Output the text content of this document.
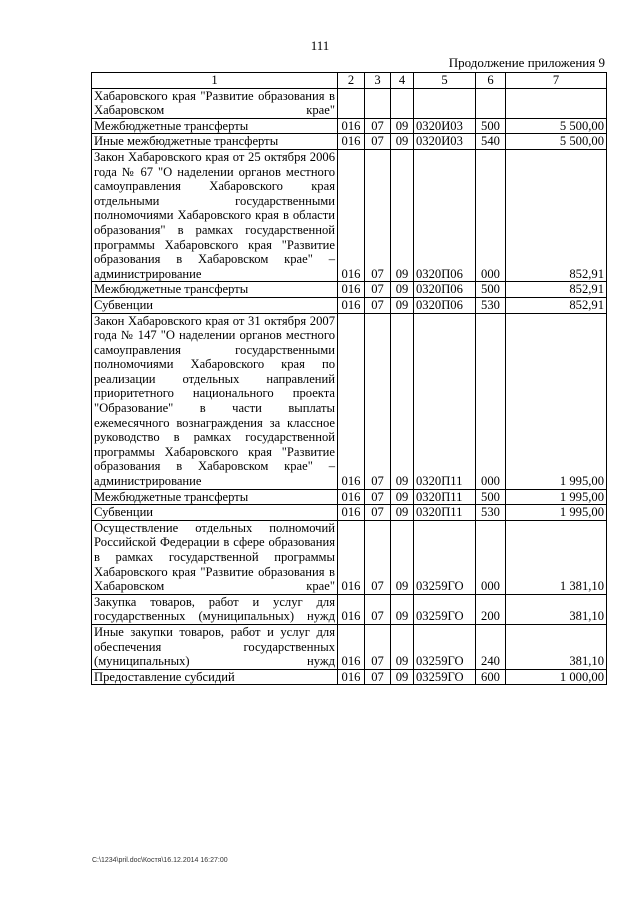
111
Продолжение приложения 9
1	2	3	4	5	6	7
Хабаровского края "Развитие образования в Хабаровском крае"						
Межбюджетные трансферты	016	07	09	0320И03	500	5 500,00
Иные межбюджетные трансферты	016	07	09	0320И03	540	5 500,00
Закон Хабаровского края от 25 октября 2006 года № 67 "О наделении органов местного самоуправления Хабаровского края отдельными государственными полномочиями Хабаровского края в области образования" в рамках государственной программы Хабаровского края "Развитие образования в Хабаровском крае" – администрирование	016	07	09	0320П06	000	852,91
Межбюджетные трансферты	016	07	09	0320П06	500	852,91
Субвенции	016	07	09	0320П06	530	852,91
Закон Хабаровского края от 31 октября 2007 года № 147 "О наделении органов местного самоуправления государственными полномочиями Хабаровского края по реализации отдельных направлений приоритетного национального проекта "Образование" в части выплаты ежемесячного вознаграждения за классное руководство в рамках государственной программы Хабаровского края "Развитие образования в Хабаровском крае" – администрирование	016	07	09	0320П11	000	1 995,00
Межбюджетные трансферты	016	07	09	0320П11	500	1 995,00
Субвенции	016	07	09	0320П11	530	1 995,00
Осуществление отдельных полномочий Российской Федерации в сфере образования в рамках государственной программы Хабаровского края "Развитие образования в Хабаровском крае"	016	07	09	03259ГО	000	1 381,10
Закупка товаров, работ и услуг для государственных (муниципальных) нужд	016	07	09	03259ГО	200	381,10
Иные закупки товаров, работ и услуг для обеспечения государственных (муниципальных) нужд	016	07	09	03259ГО	240	381,10
Предоставление субсидий	016	07	09	03259ГО	600	1 000,00
C:\1234\pril.doc\Костя\16.12.2014 16:27:00
